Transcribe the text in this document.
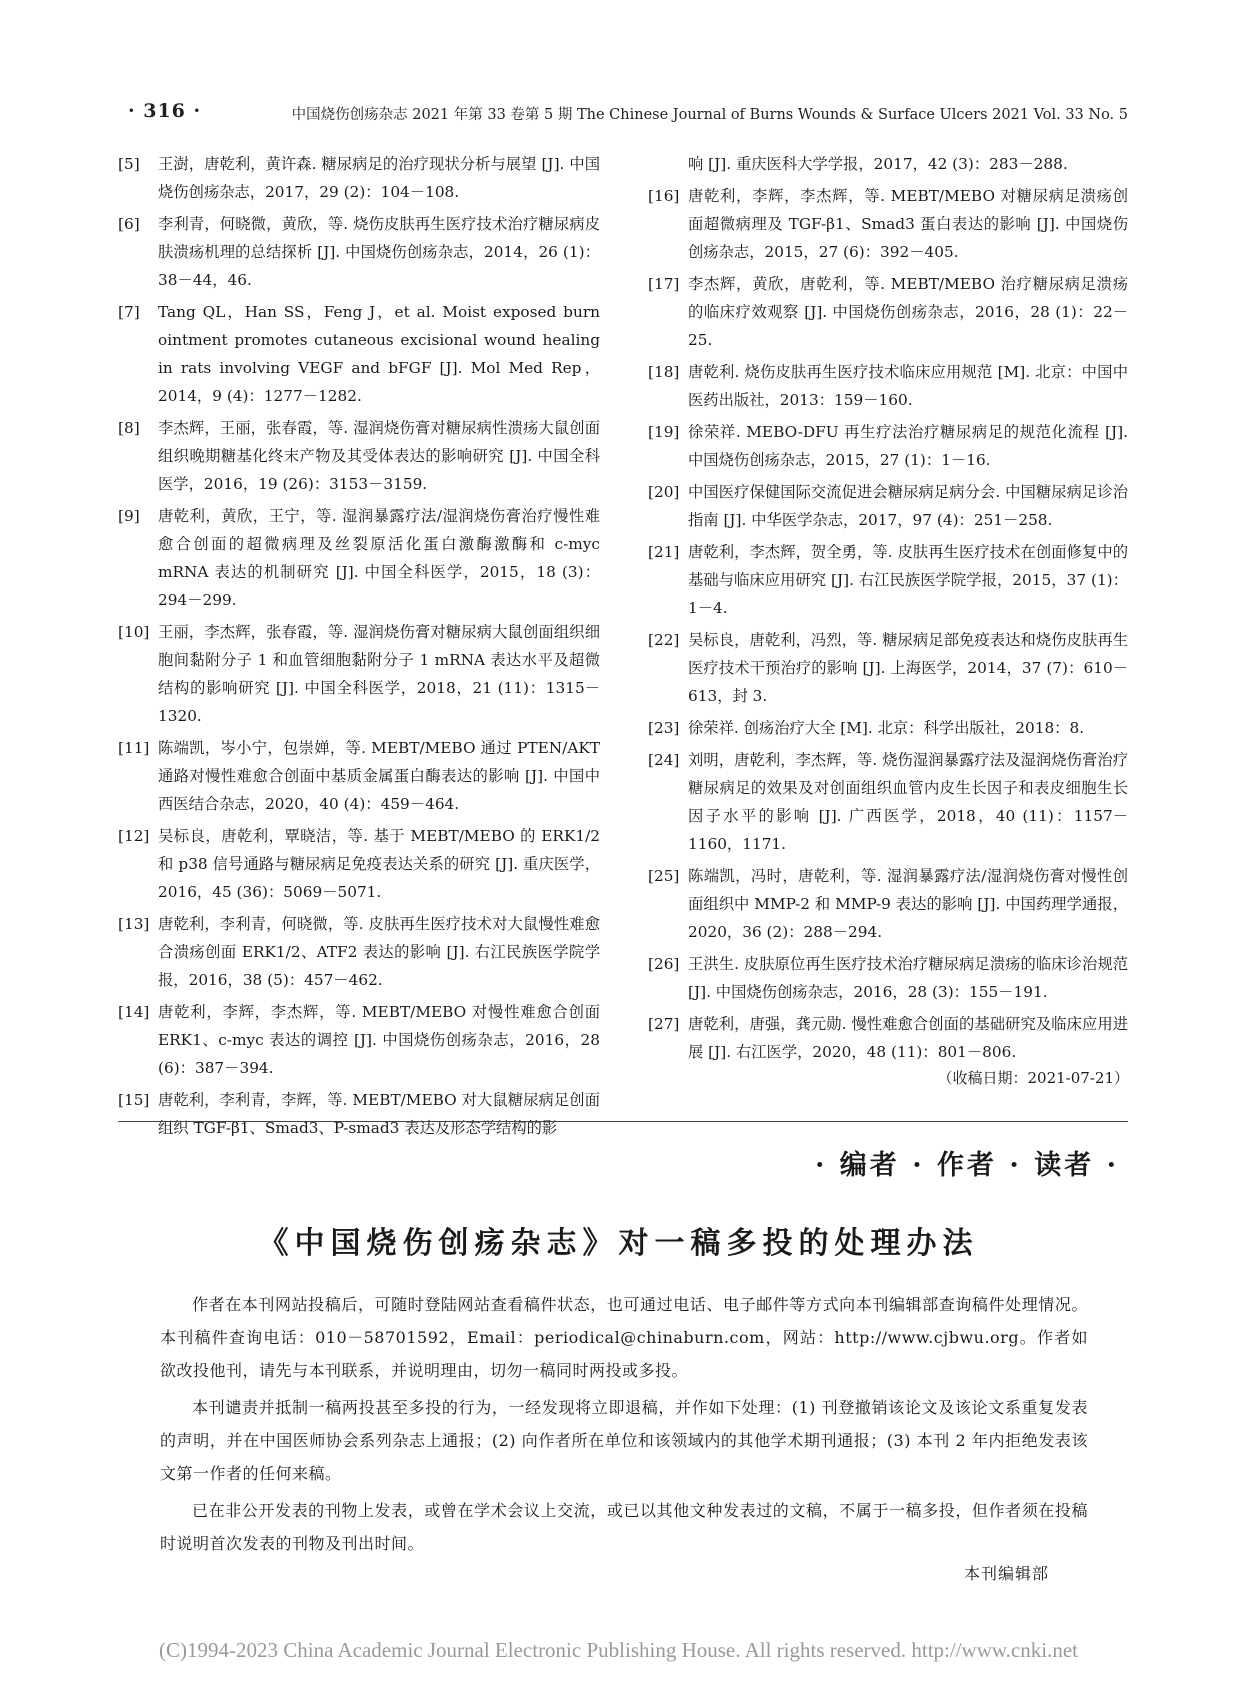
· 316 ·	中国烧伤创疡杂志 2021 年第 33 卷第 5 期 The Chinese Journal of Burns Wounds & Surface Ulcers 2021 Vol. 33 No. 5
[5]	王澍，唐乾利，黄许森. 糖尿病足的治疗现状分析与展望 [J]. 中国烧伤创疡杂志，2017，29 (2)：104－108.
[6]	李利青，何晓微，黄欣，等. 烧伤皮肤再生医疗技术治疗糖尿病皮肤溃疡机理的总结探析 [J]. 中国烧伤创疡杂志，2014，26 (1)：38－44，46.
[7]	Tang QL，Han SS，Feng J，et al. Moist exposed burn ointment promotes cutaneous excisional wound healing in rats involving VEGF and bFGF [J]. Mol Med Rep，2014，9 (4)：1277－1282.
[8]	李杰辉，王丽，张春霞，等. 湿润烧伤膏对糖尿病性溃疡大鼠创面组织晚期糖基化终末产物及其受体表达的影响研究 [J]. 中国全科医学，2016，19 (26)：3153－3159.
[9]	唐乾利，黄欣，王宁，等. 湿润暴露疗法/湿润烧伤膏治疗慢性难愈合创面的超微病理及丝裂原活化蛋白激酶激酶和 c-myc mRNA 表达的机制研究 [J]. 中国全科医学，2015，18 (3)：294－299.
[10] 王丽，李杰辉，张春霞，等. 湿润烧伤膏对糖尿病大鼠创面组织细胞间黏附分子 1 和血管细胞黏附分子 1 mRNA 表达水平及超微结构的影响研究 [J]. 中国全科医学，2018，21 (11)：1315－1320.
[11] 陈端凯，岑小宁，包崇婵，等. MEBT/MEBO 通过 PTEN/AKT 通路对慢性难愈合创面中基质金属蛋白酶表达的影响 [J]. 中国中西医结合杂志，2020，40 (4)：459－464.
[12] 吴标良，唐乾利，覃晓洁，等. 基于 MEBT/MEBO 的 ERK1/2 和 p38 信号通路与糖尿病足免疫表达关系的研究 [J]. 重庆医学，2016，45 (36)：5069－5071.
[13] 唐乾利，李利青，何晓微，等. 皮肤再生医疗技术对大鼠慢性难愈合溃疡创面 ERK1/2、ATF2 表达的影响 [J]. 右江民族医学院学报，2016，38 (5)：457－462.
[14] 唐乾利，李辉，李杰辉，等. MEBT/MEBO 对慢性难愈合创面 ERK1、c-myc 表达的调控 [J]. 中国烧伤创疡杂志，2016，28 (6)：387－394.
[15] 唐乾利，李利青，李辉，等. MEBT/MEBO 对大鼠糖尿病足创面组织 TGF-β1、Smad3、P-smad3 表达及形态学结构的影
响 [J]. 重庆医科大学学报，2017，42 (3)：283－288.
[16] 唐乾利，李辉，李杰辉，等. MEBT/MEBO 对糖尿病足溃疡创面超微病理及 TGF-β1、Smad3 蛋白表达的影响 [J]. 中国烧伤创疡杂志，2015，27 (6)：392－405.
[17] 李杰辉，黄欣，唐乾利，等. MEBT/MEBO 治疗糖尿病足溃疡的临床疗效观察 [J]. 中国烧伤创疡杂志，2016，28 (1)：22－25.
[18] 唐乾利. 烧伤皮肤再生医疗技术临床应用规范 [M]. 北京：中国中医药出版社，2013：159－160.
[19] 徐荣祥. MEBO-DFU 再生疗法治疗糖尿病足的规范化流程 [J]. 中国烧伤创疡杂志，2015，27 (1)：1－16.
[20] 中国医疗保健国际交流促进会糖尿病足病分会. 中国糖尿病足诊治指南 [J]. 中华医学杂志，2017，97 (4)：251－258.
[21] 唐乾利，李杰辉，贺全勇，等. 皮肤再生医疗技术在创面修复中的基础与临床应用研究 [J]. 右江民族医学院学报，2015，37 (1)：1－4.
[22] 吴标良，唐乾利，冯烈，等. 糖尿病足部免疫表达和烧伤皮肤再生医疗技术干预治疗的影响 [J]. 上海医学，2014，37 (7)：610－613，封 3.
[23] 徐荣祥. 创疡治疗大全 [M]. 北京：科学出版社，2018：8.
[24] 刘明，唐乾利，李杰辉，等. 烧伤湿润暴露疗法及湿润烧伤膏治疗糖尿病足的效果及对创面组织血管内皮生长因子和表皮细胞生长因子水平的影响 [J]. 广西医学，2018，40 (11)：1157－1160，1171.
[25] 陈端凯，冯时，唐乾利，等. 湿润暴露疗法/湿润烧伤膏对慢性创面组织中 MMP-2 和 MMP-9 表达的影响 [J]. 中国药理学通报，2020，36 (2)：288－294.
[26] 王洪生. 皮肤原位再生医疗技术治疗糖尿病足溃疡的临床诊治规范 [J]. 中国烧伤创疡杂志，2016，28 (3)：155－191.
[27] 唐乾利，唐强，龚元勋. 慢性难愈合创面的基础研究及临床应用进展 [J]. 右江医学，2020，48 (11)：801－806.
（收稿日期：2021-07-21）
· 编者 · 作者 · 读者 ·
《中国烧伤创疡杂志》对一稿多投的处理办法

作者在本刊网站投稿后，可随时登陆网站查看稿件状态，也可通过电话、电子邮件等方式向本刊编辑部查询稿件处理情况。本刊稿件查询电话：010－58701592，Email：periodical@chinaburn.com，网站：http://www.cjbwu.org。作者如欲改投他刊，请先与本刊联系，并说明理由，切勿一稿同时两投或多投。

本刊谴责并抵制一稿两投甚至多投的行为，一经发现将立即退稿，并作如下处理：(1) 刊登撤销该论文及该论文系重复发表的声明，并在中国医师协会系列杂志上通报；(2) 向作者所在单位和该领域内的其他学术期刊通报；(3) 本刊 2 年内拒绝发表该文第一作者的任何来稿。

已在非公开发表的刊物上发表，或曾在学术会议上交流，或已以其他文种发表过的文稿，不属于一稿多投，但作者须在投稿时说明首次发表的刊物及刊出时间。

本刊编辑部
(C)1994-2023 China Academic Journal Electronic Publishing House. All rights reserved. http://www.cnki.net
